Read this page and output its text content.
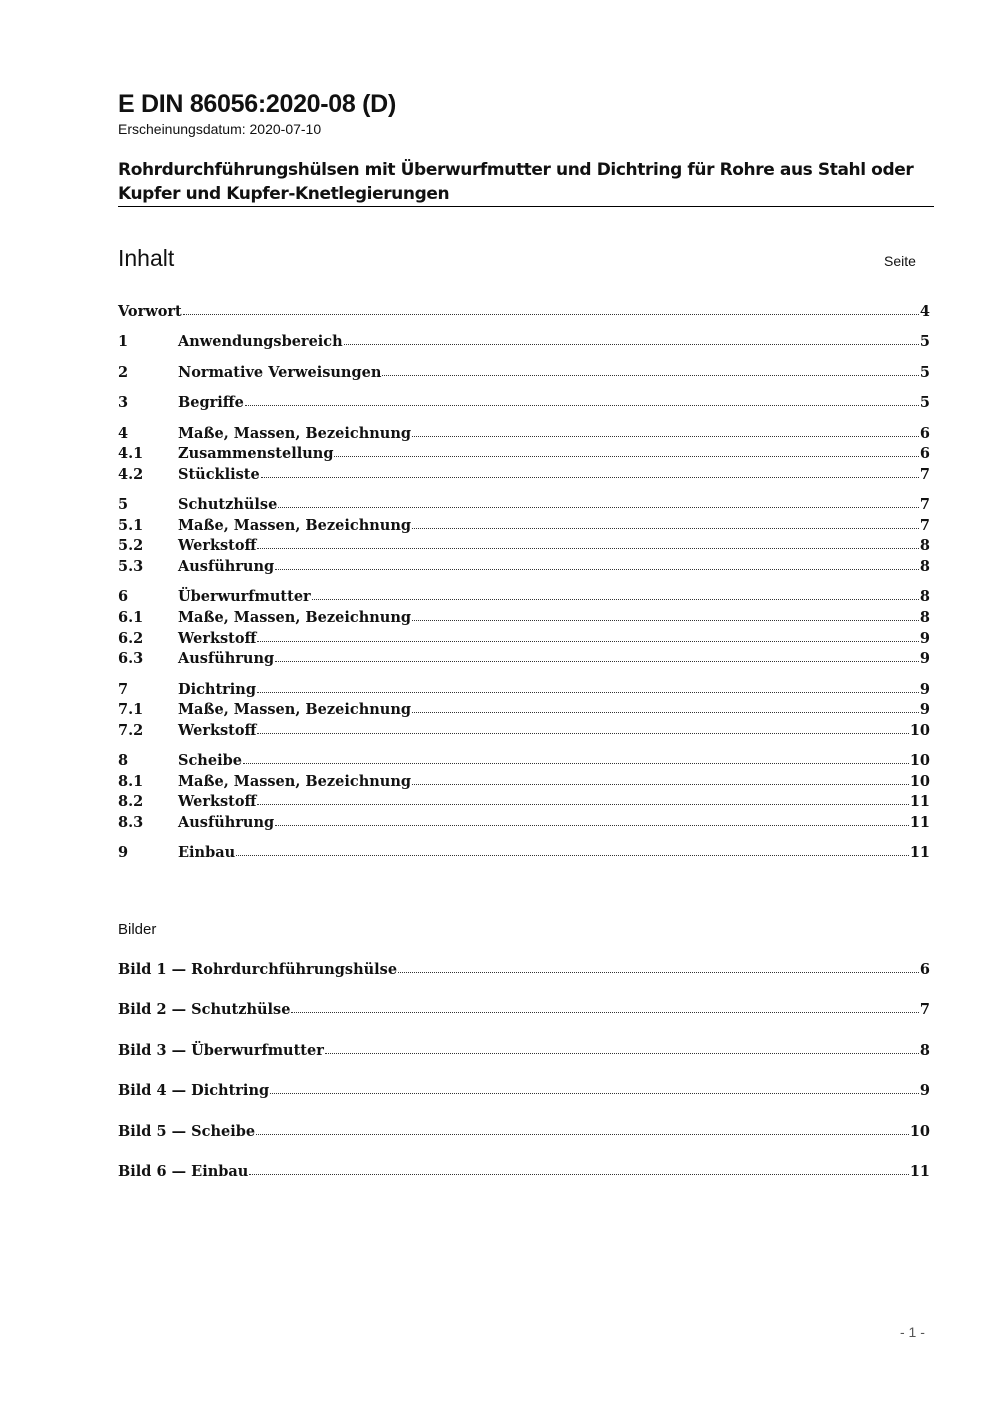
E DIN 86056:2020-08 (D)
Erscheinungsdatum: 2020-07-10
Rohrdurchführungshülsen mit Überwurfmutter und Dichtring für Rohre aus Stahl oder Kupfer und Kupfer-Knetlegierungen
Inhalt	Seite
Vorwort	4
1	Anwendungsbereich	5
2	Normative Verweisungen	5
3	Begriffe	5
4	Maße, Massen, Bezeichnung	6
4.1	Zusammenstellung	6
4.2	Stückliste	7
5	Schutzhülse	7
5.1	Maße, Massen, Bezeichnung	7
5.2	Werkstoff	8
5.3	Ausführung	8
6	Überwurfmutter	8
6.1	Maße, Massen, Bezeichnung	8
6.2	Werkstoff	9
6.3	Ausführung	9
7	Dichtring	9
7.1	Maße, Massen, Bezeichnung	9
7.2	Werkstoff	10
8	Scheibe	10
8.1	Maße, Massen, Bezeichnung	10
8.2	Werkstoff	11
8.3	Ausführung	11
9	Einbau	11
Bilder
Bild 1 — Rohrdurchführungshülse	6
Bild 2 — Schutzhülse	7
Bild 3 — Überwurfmutter	8
Bild 4 — Dichtring	9
Bild 5 — Scheibe	10
Bild 6 — Einbau	11
- 1 -
